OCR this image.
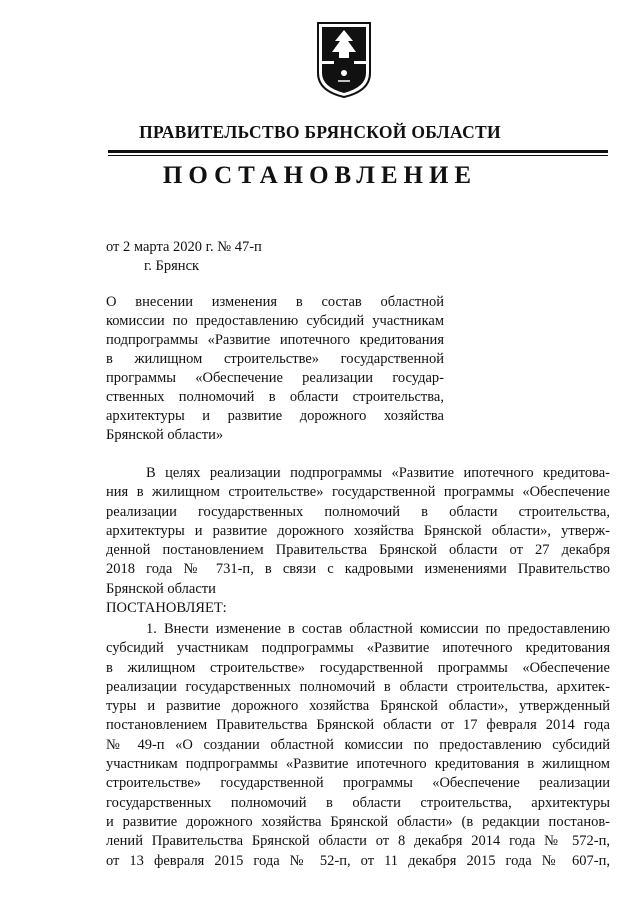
ПРАВИТЕЛЬСТВО БРЯНСКОЙ ОБЛАСТИ
ПОСТАНОВЛЕНИЕ
от 2 марта 2020 г. № 47-п
г. Брянск
О внесении изменения в состав областной
комиссии по предоставлению субсидий участникам
подпрограммы «Развитие ипотечного кредитования
в жилищном строительстве» государственной
программы «Обеспечение реализации государ-
ственных полномочий в области строительства,
архитектуры и развитие дорожного хозяйства
Брянской области»
В целях реализации подпрограммы «Развитие ипотечного кредитова-
ния в жилищном строительстве» государственной программы «Обеспечение
реализации государственных полномочий в области строительства,
архитектуры и развитие дорожного хозяйства Брянской области», утверж-
денной постановлением Правительства Брянской области от 27 декабря
2018 года № 731-п, в связи с кадровыми изменениями Правительство
Брянской области
ПОСТАНОВЛЯЕТ:
1. Внести изменение в состав областной комиссии по предоставлению
субсидий участникам подпрограммы «Развитие ипотечного кредитования
в жилищном строительстве» государственной программы «Обеспечение
реализации государственных полномочий в области строительства, архитек-
туры и развитие дорожного хозяйства Брянской области», утвержденный
постановлением Правительства Брянской области от 17 февраля 2014 года
№ 49-п «О создании областной комиссии по предоставлению субсидий
участникам подпрограммы «Развитие ипотечного кредитования в жилищном
строительстве» государственной программы «Обеспечение реализации
государственных полномочий в области строительства, архитектуры
и развитие дорожного хозяйства Брянской области» (в редакции постанов-
лений Правительства Брянской области от 8 декабря 2014 года № 572-п,
от 13 февраля 2015 года № 52-п, от 11 декабря 2015 года № 607-п,
